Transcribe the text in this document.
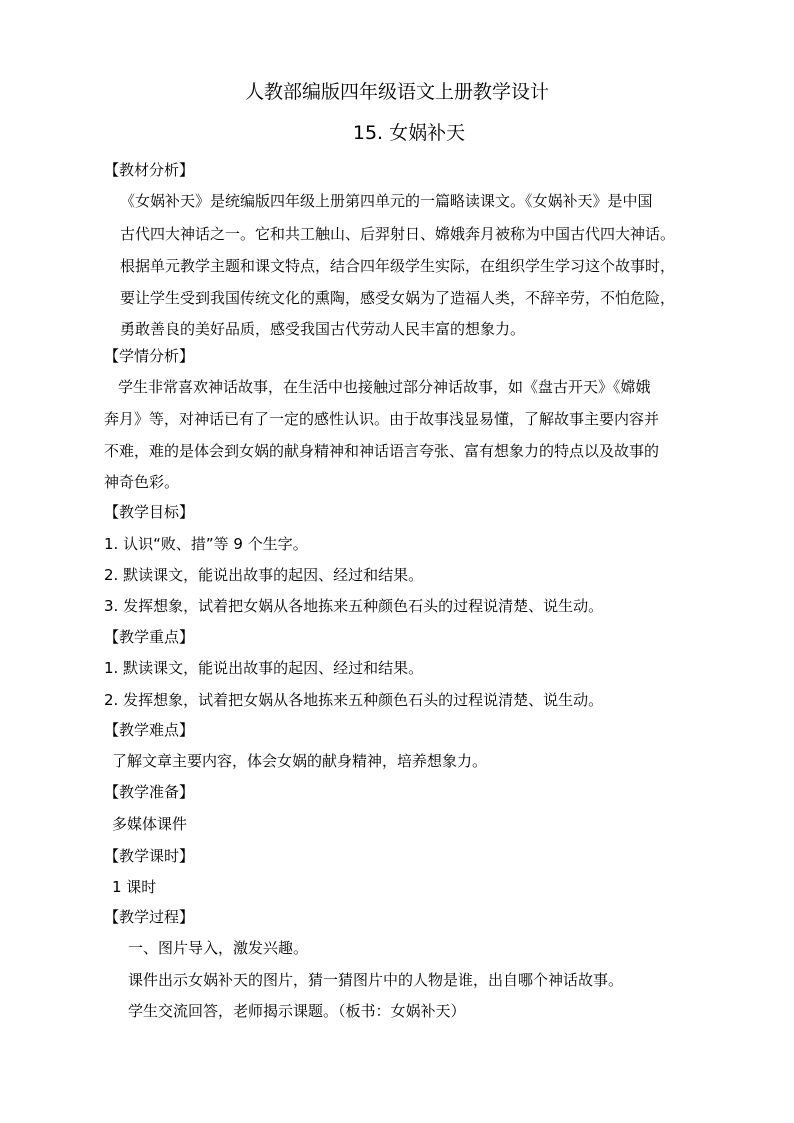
人教部编版四年级语文上册教学设计
15. 女娲补天
【教材分析】
《女娲补天》是统编版四年级上册第四单元的一篇略读课文。《女娲补天》是中国
古代四大神话之一。它和共工触山、后羿射日、嫦娥奔月被称为中国古代四大神话。
根据单元教学主题和课文特点，结合四年级学生实际，在组织学生学习这个故事时，
要让学生受到我国传统文化的熏陶，感受女娲为了造福人类，不辞辛劳，不怕危险，
勇敢善良的美好品质，感受我国古代劳动人民丰富的想象力。
【学情分析】
学生非常喜欢神话故事，在生活中也接触过部分神话故事，如《盘古开天》《嫦娥
奔月》等，对神话已有了一定的感性认识。由于故事浅显易懂，了解故事主要内容并
不难，难的是体会到女娲的献身精神和神话语言夸张、富有想象力的特点以及故事的
神奇色彩。
【教学目标】
1. 认识“败、措”等 9 个生字。
2. 默读课文，能说出故事的起因、经过和结果。
3. 发挥想象，试着把女娲从各地拣来五种颜色石头的过程说清楚、说生动。
【教学重点】
1. 默读课文，能说出故事的起因、经过和结果。
2. 发挥想象，试着把女娲从各地拣来五种颜色石头的过程说清楚、说生动。
【教学难点】
了解文章主要内容，体会女娲的献身精神，培养想象力。
【教学准备】
多媒体课件
【教学课时】
1 课时
【教学过程】
一、图片导入，激发兴趣。
课件出示女娲补天的图片，猜一猜图片中的人物是谁，出自哪个神话故事。
学生交流回答，老师揭示课题。（板书：女娲补天）
